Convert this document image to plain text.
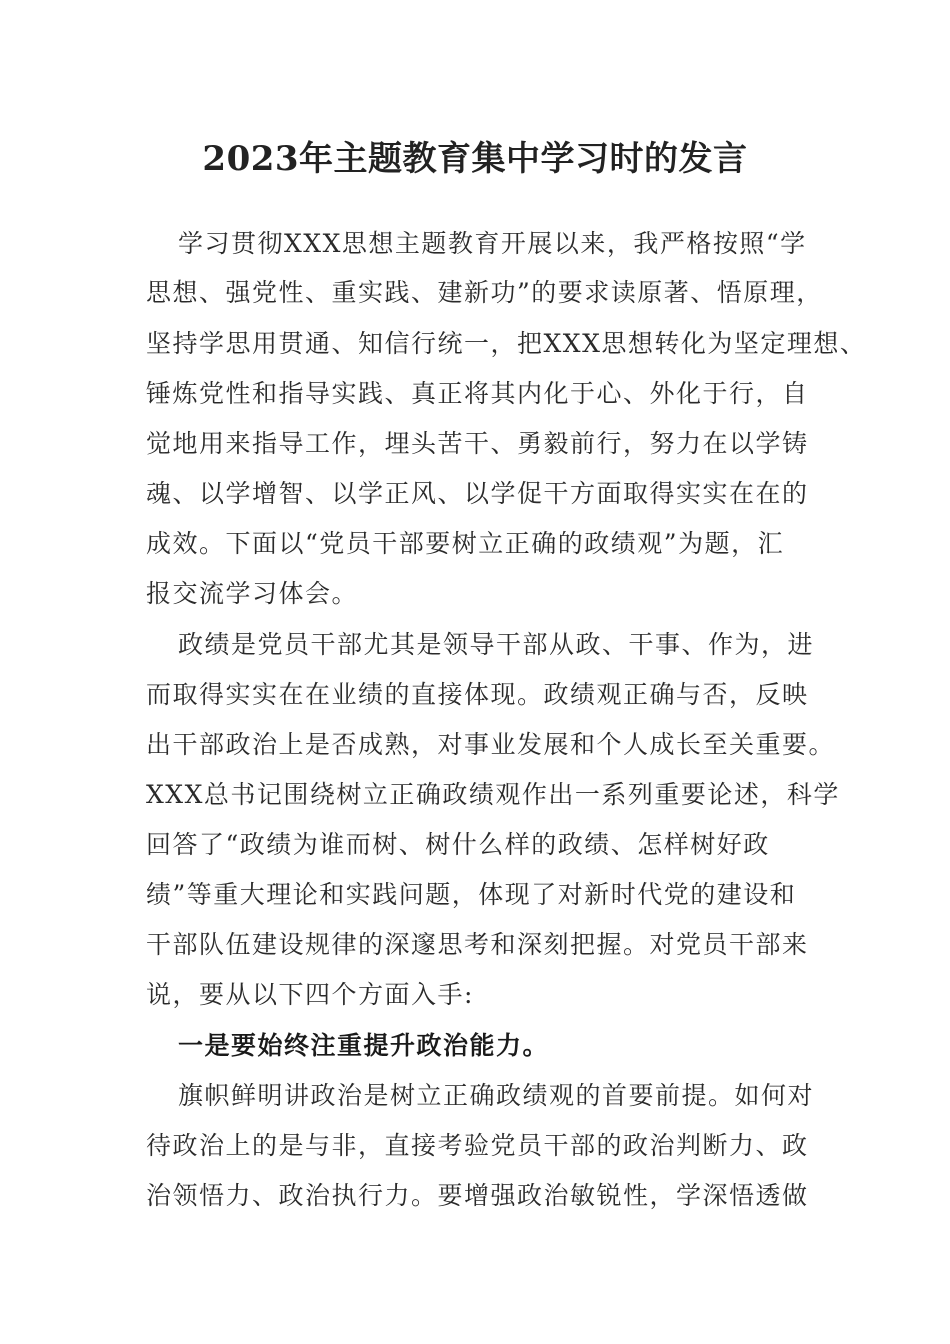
2023年主题教育集中学习时的发言
学习贯彻XXX思想主题教育开展以来，我严格按照“学
思想、强党性、重实践、建新功”的要求读原著、悟原理，
坚持学思用贯通、知信行统一，把XXX思想转化为坚定理想、
锤炼党性和指导实践、真正将其内化于心、外化于行，自
觉地用来指导工作，埋头苦干、勇毅前行，努力在以学铸
魂、以学增智、以学正风、以学促干方面取得实实在在的
成效。下面以“党员干部要树立正确的政绩观”为题，汇
报交流学习体会。
政绩是党员干部尤其是领导干部从政、干事、作为，进
而取得实实在在业绩的直接体现。政绩观正确与否，反映
出干部政治上是否成熟，对事业发展和个人成长至关重要。
XXX总书记围绕树立正确政绩观作出一系列重要论述，科学
回答了“政绩为谁而树、树什么样的政绩、怎样树好政
绩”等重大理论和实践问题，体现了对新时代党的建设和
干部队伍建设规律的深邃思考和深刻把握。对党员干部来
说，要从以下四个方面入手:
一是要始终注重提升政治能力。
旗帜鲜明讲政治是树立正确政绩观的首要前提。如何对
待政治上的是与非，直接考验党员干部的政治判断力、政
治领悟力、政治执行力。要增强政治敏锐性，学深悟透做
